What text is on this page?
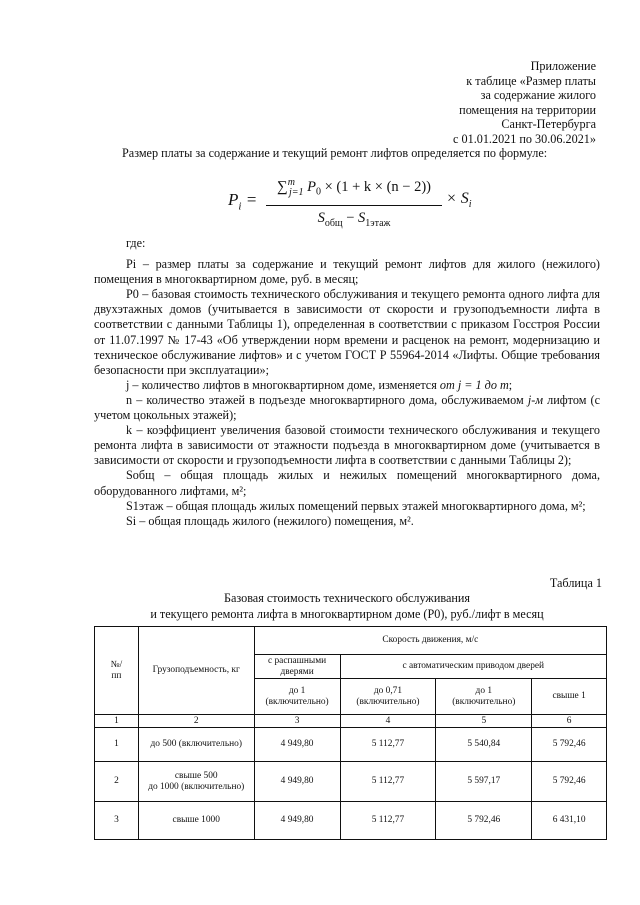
Приложение
к таблице «Размер платы
за содержание жилого
помещения на территории
Санкт-Петербурга
с 01.01.2021 по 30.06.2021»
Размер платы за содержание и текущий ремонт лифтов определяется по формуле:
$P_i$ =
∑$^m_{j=1}$ $P_0 \times (1 + k \times (n - 2))$
$S_{общ} - S_{1этаж}$
× $S_i$

где:

Pi – размер платы за содержание и текущий ремонт лифтов для жилого (нежилого) помещения в многоквартирном доме, руб. в месяц;

P0 – базовая стоимость технического обслуживания и текущего ремонта одного лифта для двухэтажных домов (учитывается в зависимости от скорости и грузоподъемности лифта в соответствии с данными Таблицы 1), определенная в соответствии с приказом Госстроя России от 11.07.1997 № 17-43 «Об утверждении норм времени и расценок на ремонт, модернизацию и техническое обслуживание лифтов» и с учетом ГОСТ Р 55964-2014 «Лифты. Общие требования безопасности при эксплуатации»;

j – количество лифтов в многоквартирном доме, изменяется от j = 1 до m;

n – количество этажей в подъезде многоквартирного дома, обслуживаемом j-м лифтом (с учетом цокольных этажей);

k – коэффициент увеличения базовой стоимости технического обслуживания и текущего ремонта лифта в зависимости от этажности подъезда в многоквартирном доме (учитывается в зависимости от скорости и грузоподъемности лифта в соответствии с данными Таблицы 2);

Sобщ – общая площадь жилых и нежилых помещений многоквартирного дома, оборудованного лифтами, м²;

S1этаж – общая площадь жилых помещений первых этажей многоквартирного дома, м²;

Si – общая площадь жилого (нежилого) помещения, м².

Таблица 1
Базовая стоимость технического обслуживания
и текущего ремонта лифта в многоквартирном доме (P0), руб./лифт в месяц
№/
пп	Грузоподъемность, кг	Скорость движения, м/с			
		с распашными дверями	с автоматическим приводом дверей		
		до 1
(включительно)	до 0,71
(включительно)	до 1
(включительно)	свыше 1
1	2	3	4	5	6
1	до 500 (включительно)	4 949,80	5 112,77	5 540,84	5 792,46
2	свыше 500
до 1000 (включительно)	4 949,80	5 112,77	5 597,17	5 792,46
3	свыше 1000	4 949,80	5 112,77	5 792,46	6 431,10
